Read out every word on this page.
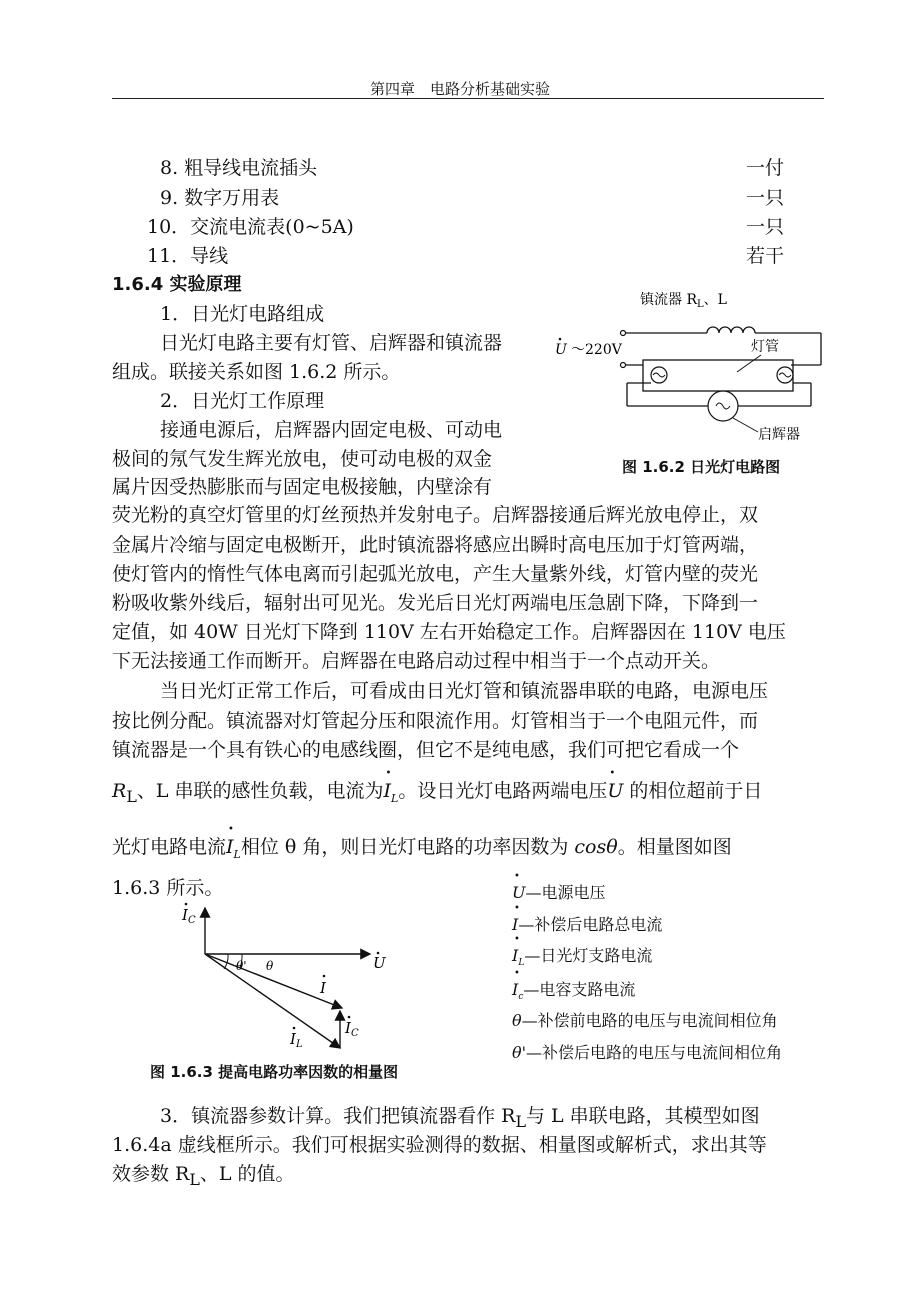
第四章　电路分析基础实验
8. 粗导线电流插头	一付
9. 数字万用表	一只
10．交流电流表(0~5A)	一只
11．导线	若干
1.6.4 实验原理
1．日光灯电路组成
日光灯电路主要有灯管、启辉器和镇流器
组成。联接关系如图 1.6.2 所示。
2．日光灯工作原理
接通电源后，启辉器内固定电极、可动电
极间的氖气发生辉光放电，使可动电极的双金
属片因受热膨胀而与固定电极接触，内壁涂有
荧光粉的真空灯管里的灯丝预热并发射电子。启辉器接通后辉光放电停止，双
金属片冷缩与固定电极断开，此时镇流器将感应出瞬时高电压加于灯管两端，
使灯管内的惰性气体电离而引起弧光放电，产生大量紫外线，灯管内壁的荧光
粉吸收紫外线后，辐射出可见光。发光后日光灯两端电压急剧下降，下降到一
定值，如 40W 日光灯下降到 110V 左右开始稳定工作。启辉器因在 110V 电压
下无法接通工作而断开。启辉器在电路启动过程中相当于一个点动开关。
当日光灯正常工作后，可看成由日光灯管和镇流器串联的电路，电源电压
按比例分配。镇流器对灯管起分压和限流作用。灯管相当于一个电阻元件，而
镇流器是一个具有铁心的电感线圈，但它不是纯电感，我们可把它看成一个
$R_L$、L 串联的感性负载，电流为• $I_L$。设日光灯电路两端电压• U 的相位超前于日
光灯电路电流• $I_L$相位 θ 角，则日光灯电路的功率因数为 cosθ。相量图如图
1.6.3 所示。
镇流器 $R_L$、L
U ～220V	灯管
启辉器
图 1.6.2 日光灯电路图
$I_C$
U
θ' θ
I
$I_C$
$I_L$
图 1.6.3 提高电路功率因数的相量图
• U—电源电压
• I—补偿后电路总电流
• $I_L—$日光灯支路电流
• $I_c—$电容支路电流
θ—补偿前电路的电压与电流间相位角
θ'—补偿后电路的电压与电流间相位角
3．镇流器参数计算。我们把镇流器看作 $R_L$与 L 串联电路，其模型如图
1.6.4a 虚线框所示。我们可根据实验测得的数据、相量图或解析式，求出其等
效参数 $R_L$、L 的值。
